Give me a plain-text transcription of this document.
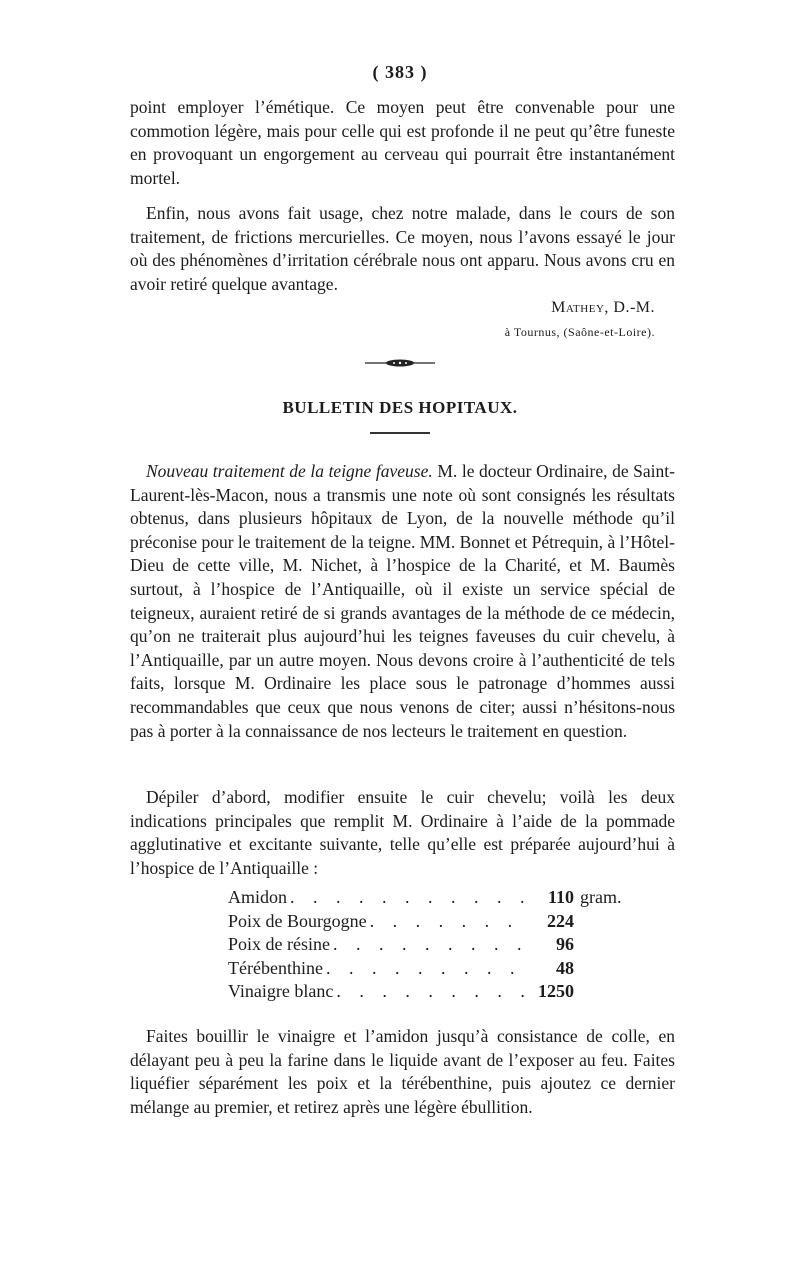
( 383 )

point employer l’émétique. Ce moyen peut être convenable pour une commotion légère, mais pour celle qui est profonde il ne peut qu’être funeste en provoquant un engorgement au cerveau qui pourrait être instantanément mortel.

Enfin, nous avons fait usage, chez notre malade, dans le cours de son traitement, de frictions mercurielles. Ce moyen, nous l’avons essayé le jour où des phénomènes d’irritation cérébrale nous ont apparu. Nous avons cru en avoir retiré quelque avantage.

Mathey, D.-M.
à Tournus, (Saône-et-Loire).
BULLETIN DES HOPITAUX.

Nouveau traitement de la teigne faveuse. M. le docteur Ordinaire, de Saint-Laurent-lès-Macon, nous a transmis une note où sont consignés les résultats obtenus, dans plusieurs hôpitaux de Lyon, de la nouvelle méthode qu’il préconise pour le traitement de la teigne. MM. Bonnet et Pétrequin, à l’Hôtel-Dieu de cette ville, M. Nichet, à l’hospice de la Charité, et M. Baumès surtout, à l’hospice de l’Antiquaille, où il existe un service spécial de teigneux, auraient retiré de si grands avantages de la méthode de ce médecin, qu’on ne traiterait plus aujourd’hui les teignes faveuses du cuir chevelu, à l’Antiquaille, par un autre moyen. Nous devons croire à l’authenticité de tels faits, lorsque M. Ordinaire les place sous le patronage d’hommes aussi recommandables que ceux que nous venons de citer; aussi n’hésitons-nous pas à porter à la connaissance de nos lecteurs le traitement en question.

Dépiler d’abord, modifier ensuite le cuir chevelu; voilà les deux indications principales que remplit M. Ordinaire à l’aide de la pommade agglutinative et excitante suivante, telle qu’elle est préparée aujourd’hui à l’hospice de l’Antiquaille :

Amidon . . .	110 gram.
Poix de Bourgogne . . .	224
Poix de résine . . .	96
Térébenthine . . .	48
Vinaigre blanc . . .	1250

Faites bouillir le vinaigre et l’amidon jusqu’à consistance de colle, en délayant peu à peu la farine dans le liquide avant de l’exposer au feu. Faites liquéfier séparément les poix et la térébenthine, puis ajoutez ce dernier mélange au premier, et retirez après une légère ébullition.
